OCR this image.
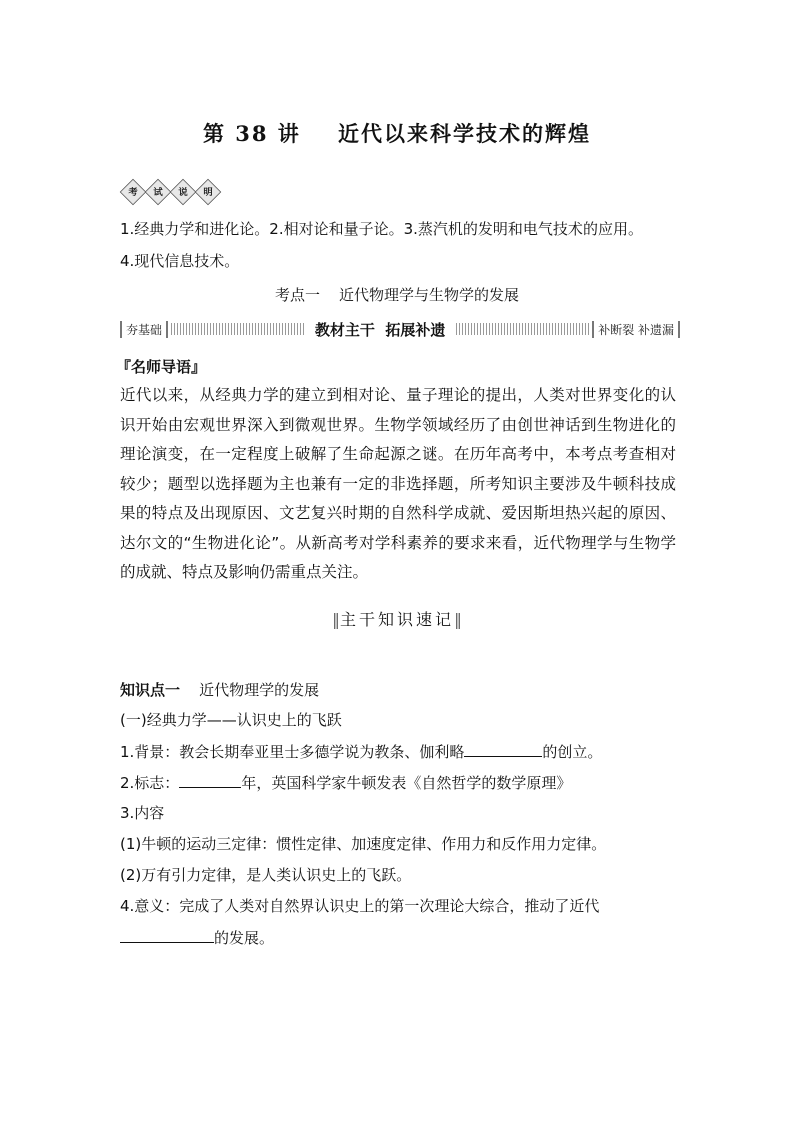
第 38 讲    近代以来科学技术的辉煌
考	试	说	明
1.经典力学和进化论。2.相对论和量子论。3.蒸汽机的发明和电气技术的应用。
4.现代信息技术。
考点一    近代物理学与生物学的发展
夯基础	教材主干  拓展补遗	补断裂 补遗漏
『名师导语』
近代以来，从经典力学的建立到相对论、量子理论的提出，人类对世界变化的认识开始由宏观世界深入到微观世界。生物学领域经历了由创世神话到生物进化的理论演变，在一定程度上破解了生命起源之谜。在历年高考中，本考点考查相对较少；题型以选择题为主也兼有一定的非选择题，所考知识主要涉及牛顿科技成果的特点及出现原因、文艺复兴时期的自然科学成就、爱因斯坦热兴起的原因、达尔文的“生物进化论”。从新高考对学科素养的要求来看，近代物理学与生物学的成就、特点及影响仍需重点关注。
‖主干知识速记‖
知识点一 近代物理学的发展
(一)经典力学——认识史上的飞跃
1.背景：教会长期奉亚里士多德学说为教条、伽利略	的创立。
2.标志：	年，英国科学家牛顿发表《自然哲学的数学原理》
3.内容
(1)牛顿的运动三定律：惯性定律、加速度定律、作用力和反作用力定律。
(2)万有引力定律，是人类认识史上的飞跃。
4.意义：完成了人类对自然界认识史上的第一次理论大综合，推动了近代
的发展。
